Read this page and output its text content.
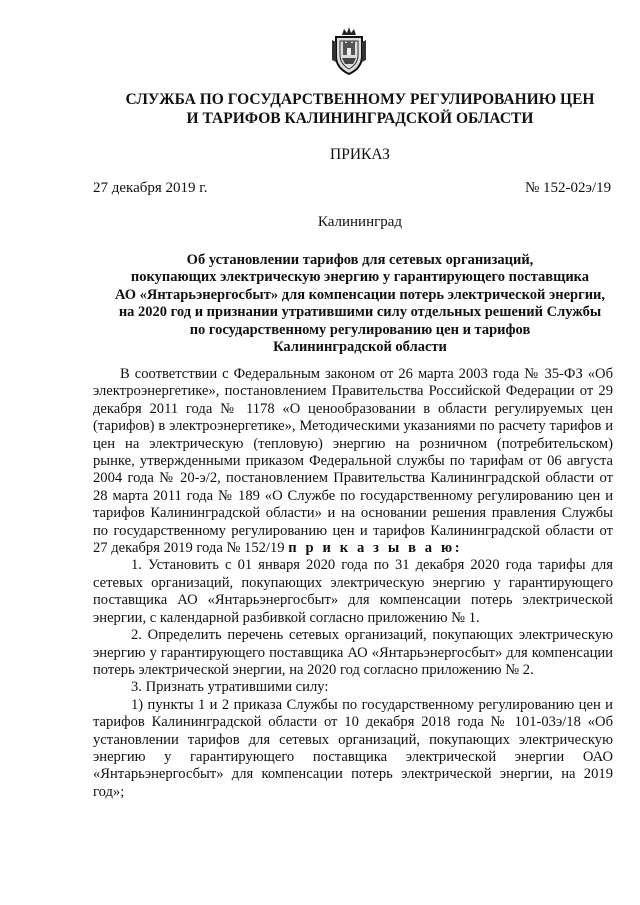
СЛУЖБА ПО ГОСУДАРСТВЕННОМУ РЕГУЛИРОВАНИЮ ЦЕН
И ТАРИФОВ КАЛИНИНГРАДСКОЙ ОБЛАСТИ
ПРИКАЗ
27 декабря 2019 г.	№ 152-02э/19
Калининград
Об установлении тарифов для сетевых организаций,
покупающих электрическую энергию у гарантирующего поставщика
АО «Янтарьэнергосбыт» для компенсации потерь электрической энергии,
на 2020 год и признании утратившими силу отдельных решений Службы
по государственному регулированию цен и тарифов
Калининградской области

В соответствии с Федеральным законом от 26 марта 2003 года № 35-ФЗ «Об электроэнергетике», постановлением Правительства Российской Федерации от 29 декабря 2011 года № 1178 «О ценообразовании в области регулируемых цен (тарифов) в электроэнергетике», Методическими указаниями по расчету тарифов и цен на электрическую (тепловую) энергию на розничном (потребительском) рынке, утвержденными приказом Федеральной службы по тарифам от 06 августа 2004 года № 20-э/2, постановлением Правительства Калининградской области от 28 марта 2011 года № 189 «О Службе по государственному регулированию цен и тарифов Калининградской области» и на основании решения правления Службы по государственному регулированию цен и тарифов Калининградской области от 27 декабря 2019 года № 152/19 п р и к а з ы в а ю:

1. Установить с 01 января 2020 года по 31 декабря 2020 года тарифы для сетевых организаций, покупающих электрическую энергию у гарантирующего поставщика АО «Янтарьэнергосбыт» для компенсации потерь электрической энергии, с календарной разбивкой согласно приложению № 1.

2. Определить перечень сетевых организаций, покупающих электрическую энергию у гарантирующего поставщика АО «Янтарьэнергосбыт» для компенсации потерь электрической энергии, на 2020 год согласно приложению № 2.

3. Признать утратившими силу:

1) пункты 1 и 2 приказа Службы по государственному регулированию цен и тарифов Калининградской области от 10 декабря 2018 года № 101-03э/18 «Об установлении тарифов для сетевых организаций, покупающих электрическую энергию у гарантирующего поставщика электрической энергии ОАО «Янтарьэнергосбыт» для компенсации потерь электрической энергии, на 2019 год»;
